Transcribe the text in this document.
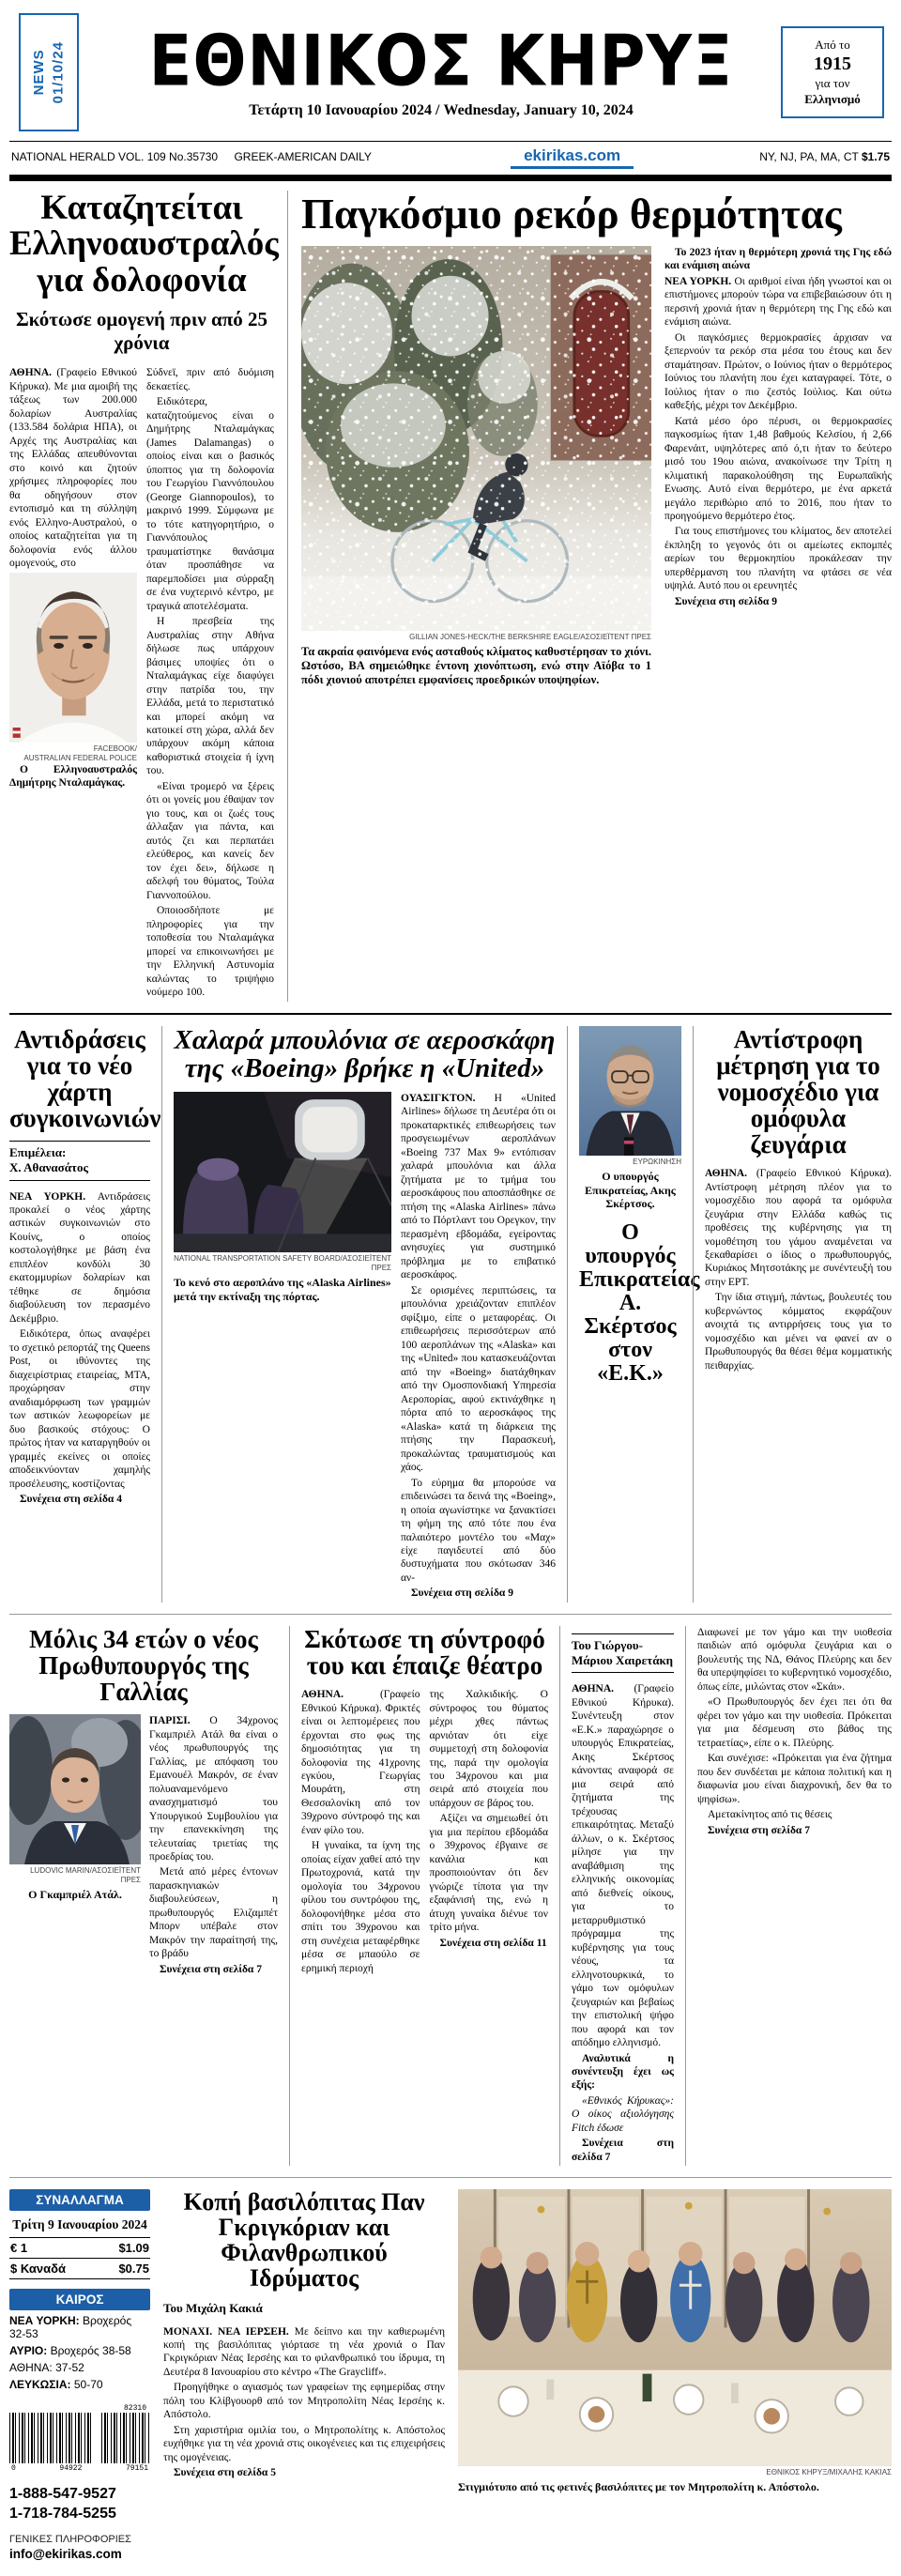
NEWS 01/10/24	ΕΘΝΙΚΟΣ ΚΗΡΥΞ
Τετάρτη 10 Ιανουαρίου 2024 / Wednesday, January 10, 2024
Από το
1915
για τον
Ελληνισμό
NATIONAL HERALD VOL. 109 No.35730 GREEK-AMERICAN DAILY	ekirikas.com	NY, NJ, PA, MA, CT $1.75
Καταζητείται Ελληνοαυστραλός για δολοφονία

Σκότωσε ομογενή πριν από 25 χρόνια

ΑΘΗΝΑ. (Γραφείο Εθνικού Κήρυκα). Με μια αμοιβή της τάξεως των 200.000 δολαρίων Αυστραλίας (133.584 δολάρια ΗΠΑ), οι Αρχές της Αυστραλίας και της Ελλάδας απευθύνονται στο κοινό και ζητούν χρήσιμες πληροφορίες που θα οδηγήσουν στον εντοπισμό και τη σύλληψη ενός Ελληνο-Αυστραλού, ο οποίος καταζητείται για τη δολοφονία ενός άλλου ομογενούς, στο

FACEBOOK/
AUSTRALIAN FEDERAL POLICE

Ο Ελληνοαυστραλός Δημήτρης Νταλαμάγκας.

Σύδνεϊ, πριν από δυόμιση δεκαετίες.

Ειδικότερα, καταζητούμενος είναι ο Δημήτρης Νταλαμάγκας (James Dalamangas) ο οποίος είναι και ο βασικός ύποπτος για τη δολοφονία του Γεωργίου Γιαννόπουλου (George Giannopoulos), το μακρινό 1999. Σύμφωνα με το τότε κατηγορητήριο, ο Γιαννόπουλος τραυματίστηκε θανάσιμα όταν προσπάθησε να παρεμποδίσει μια σύρραξη σε ένα νυχτερινό κέντρο, με τραγικά αποτελέσματα.

Η πρεσβεία της Αυστραλίας στην Αθήνα δήλωσε πως υπάρχουν βάσιμες υποψίες ότι ο Νταλαμάγκας είχε διαφύγει στην πατρίδα του, την Ελλάδα, μετά το περιστατικό και μπορεί ακόμη να κατοικεί στη χώρα, αλλά δεν υπάρχουν ακόμη κάποια καθοριστικά στοιχεία ή ίχνη του.

«Είναι τρομερό να ξέρεις ότι οι γονείς μου έθαψαν τον γιο τους, και οι ζωές τους άλλαξαν για πάντα, και αυτός ζει και περπατάει ελεύθερος, και κανείς δεν τον έχει δει», δήλωσε η αδελφή του θύματος, Τούλα Γιαννοπούλου.

Οποιοσδήποτε με πληροφορίες για την τοποθεσία του Νταλαμάγκα μπορεί να επικοινωνήσει με την Ελληνική Αστυνομία καλώντας το τριψήφιο νούμερο 100.

Παγκόσμιο ρεκόρ θερμότητας
GILLIAN JONES-HECK/THE BERKSHIRE EAGLE/ΑΣΟΣΙΕΪΤΕΝΤ ΠΡΕΣ

Τα ακραία φαινόμενα ενός ασταθούς κλίματος καθυστέρησαν το χιόνι. Ωστόσο, ΒΑ σημειώθηκε έντονη χιονόπτωση, ενώ στην Αϊόβα το 1 πόδι χιονιού αποτρέπει εμφανίσεις προεδρικών υποψηφίων.

Το 2023 ήταν η θερμότερη χρονιά της Γης εδώ και ενάμιση αιώνα

ΝΕΑ ΥΟΡΚΗ. Οι αριθμοί είναι ήδη γνωστοί και οι επιστήμονες μπορούν τώρα να επιβεβαιώσουν ότι η περσινή χρονιά ήταν η θερμότερη της Γης εδώ και ενάμιση αιώνα.

Οι παγκόσμιες θερμοκρασίες άρχισαν να ξεπερνούν τα ρεκόρ στα μέσα του έτους και δεν σταμάτησαν. Πρώτον, ο Ιούνιος ήταν ο θερμότερος Ιούνιος του πλανήτη που έχει καταγραφεί. Τότε, ο Ιούλιος ήταν ο πιο ζεστός Ιούλιος. Και ούτω καθεξής, μέχρι τον Δεκέμβριο.

Κατά μέσο όρο πέρυσι, οι θερμοκρασίες παγκοσμίως ήταν 1,48 βαθμούς Κελσίου, ή 2,66 Φαρενάιτ, υψηλότερες από ό,τι ήταν το δεύτερο μισό του 19ου αιώνα, ανακοίνωσε την Τρίτη η κλιματική παρακολούθηση της Ευρωπαϊκής Ενωσης. Αυτό είναι θερμότερο, με ένα αρκετά μεγάλο περιθώριο από το 2016, που ήταν το προηγούμενο θερμότερο έτος.

Για τους επιστήμονες του κλίματος, δεν αποτελεί έκπληξη το γεγονός ότι οι αμείωτες εκπομπές αερίων του θερμοκηπίου προκάλεσαν την υπερθέρμανση του πλανήτη να φτάσει σε νέα υψηλά. Αυτό που οι ερευνητές

Συνέχεια στη σελίδα 9

Αντιδράσεις για το νέο χάρτη συγκοινωνιών
Επιμέλεια:
Χ. Αθανασάτος

ΝΕΑ ΥΟΡΚΗ. Αντιδράσεις προκαλεί ο νέος χάρτης αστικών συγκοινωνιών στο Κουίνς, ο οποίος κοστολογήθηκε με βάση ένα επιπλέον κονδύλι 30 εκατομμυρίων δολαρίων και τέθηκε σε δημόσια διαβούλευση τον περασμένο Δεκέμβριο.

Ειδικότερα, όπως αναφέρει το σχετικό ρεπορτάζ της Queens Post, οι ιθύνοντες της διαχειρίστριας εταιρείας, ΜΤΑ, προχώρησαν στην αναδιαμόρφωση των γραμμών των αστικών λεωφορείων με δυο βασικούς στόχους: Ο πρώτος ήταν να καταργηθούν οι γραμμές εκείνες οι οποίες αποδεικνύονταν χαμηλής προσέλευσης, κοστίζοντας

Συνέχεια στη σελίδα 4

Χαλαρά μπουλόνια σε αεροσκάφη της «Boeing» βρήκε η «United»
NATIONAL TRANSPORTATION SAFETY BOARD/ΑΣΟΣΙΕΪΤΕΝΤ ΠΡΕΣ

Το κενό στο αεροπλάνο της «Alaska Airlines» μετά την εκτίναξη της πόρτας.

ΟΥΑΣΙΓΚΤΟΝ. Η «United Airlines» δήλωσε τη Δευτέρα ότι οι προκαταρκτικές επιθεωρήσεις των προσγειωμένων αεροπλάνων «Boeing 737 Max 9» εντόπισαν χαλαρά μπουλόνια και άλλα ζητήματα με το τμήμα του αεροσκάφους που αποσπάσθηκε σε πτήση της «Alaska Airlines» πάνω από το Πόρτλαντ του Ορεγκον, την περασμένη εβδομάδα, εγείροντας ανησυχίες για συστημικό πρόβλημα με το επιβατικό αεροσκάφος.

Σε ορισμένες περιπτώσεις, τα μπουλόνια χρειάζονταν επιπλέον σφίξιμο, είπε ο μεταφορέας. Οι επιθεωρήσεις περισσότερων από 100 αεροπλάνων της «Alaska» και της «United» που κατασκευάζονται από την «Boeing» διατάχθηκαν από την Ομοσπονδιακή Υπηρεσία Αεροπορίας, αφού εκτινάχθηκε η πόρτα από το αεροσκάφος της «Alaska» κατά τη διάρκεια της πτήσης την Παρασκευή, προκαλώντας τραυματισμούς και χάος.

Το εύρημα θα μπορούσε να επιδεινώσει τα δεινά της «Boeing», η οποία αγωνίστηκε να ξανακτίσει τη φήμη της από τότε που ένα παλαιότερο μοντέλο του «Μαχ» είχε παγιδευτεί από δύο δυστυχήματα που σκότωσαν 346 αν-

Συνέχεια στη σελίδα 9

ΕΥΡΩΚΙΝΗΣΗ

Ο υπουργός Επικρατείας, Ακης Σκέρτσος.

Ο υπουργός Επικρατείας Α. Σκέρτσος στον «Ε.Κ.»
Αντίστροφη μέτρηση για το νομοσχέδιο για ομόφυλα ζευγάρια

ΑΘΗΝΑ. (Γραφείο Εθνικού Κήρυκα). Αντίστροφη μέτρηση πλέον για το νομοσχέδιο που αφορά τα ομόφυλα ζευγάρια στην Ελλάδα καθώς τις προθέσεις της κυβέρνησης για τη νομοθέτηση του γάμου αναμένεται να ξεκαθαρίσει ο ίδιος ο πρωθυπουργός, Κυριάκος Μητσοτάκης με συνέντευξή του στην ΕΡΤ.

Την ίδια στιγμή, πάντως, βουλευτές του κυβερνώντος κόμματος εκφράζουν ανοιχτά τις αντιρρήσεις τους για το νομοσχέδιο και μένει να φανεί αν ο Πρωθυπουργός θα θέσει θέμα κομματικής πειθαρχίας.

Μόλις 34 ετών ο νέος Πρωθυπουργός της Γαλλίας
LUDOVIC MARIN/ΑΣΟΣΙΕΪΤΕΝΤ ΠΡΕΣ

Ο Γκαμπριέλ Ατάλ.

ΠΑΡΙΣΙ. Ο 34χρονος Γκαμπριέλ Ατάλ θα είναι ο νέος πρωθυπουργός της Γαλλίας, με απόφαση του Εμανουέλ Μακρόν, σε έναν πολυαναμενόμενο ανασχηματισμό του Υπουργικού Συμβουλίου για την επανεκκίνηση της τελευταίας τριετίας της προεδρίας του.

Μετά από μέρες έντονων παρασκηνιακών διαβουλεύσεων, η πρωθυπουργός Ελιζαμπέτ Μπορν υπέβαλε στον Μακρόν την παραίτησή της, το βράδυ

Συνέχεια στη σελίδα 7

Σκότωσε τη σύντροφό του και έπαιζε θέατρο

ΑΘΗΝΑ.	(Γραφείο Εθνικού Κήρυκα). Φρικτές είναι οι λεπτομέρειες που έρχονται στο φως της δημοσιότητας για τη δολοφονία της 41χρονης εγκύου, Γεωργίας Μουράτη, στη Θεσσαλονίκη από τον 39χρονο σύντροφό της και έναν φίλο του.

Η γυναίκα, τα ίχνη της οποίας είχαν χαθεί από την Πρωτοχρονιά, κατά την ομολογία του 34χρονου φίλου του συντρόφου της, δολοφονήθηκε μέσα στο σπίτι του 39χρονου και στη συνέχεια μεταφέρθηκε μέσα σε μπαούλο σε ερημική περιοχή

της Χαλκιδικής. Ο σύντροφος του θύματος μέχρι χθες πάντως αρνιόταν ότι είχε συμμετοχή στη δολοφονία της, παρά την ομολογία του 34χρονου και μια σειρά από στοιχεία που υπάρχουν σε βάρος του.

Αξίζει να σημειωθεί ότι για μια περίπου εβδομάδα ο 39χρονος έβγαινε σε κανάλια και προσποιούνταν ότι δεν γνώριζε τίποτα για την εξαφάνισή της, ενώ η άτυχη γυναίκα διένυε τον τρίτο μήνα.

Συνέχεια στη σελίδα 11

Του Γιώργου-Μάριου Χαιρετάκη

ΑΘΗΝΑ. (Γραφείο Εθνικού Κήρυκα). Συνέντευξη στον «Ε.Κ.» παραχώρησε ο υπουργός Επικρατείας, Ακης Σκέρτσος κάνοντας αναφορά σε μια σειρά από ζητήματα της τρέχουσας επικαιρότητας. Μεταξύ άλλων, ο κ. Σκέρτσος μίλησε για την αναβάθμιση της ελληνικής οικονομίας από διεθνείς οίκους, για το μεταρρυθμιστικό πρόγραμμα της κυβέρνησης για τους νέους, τα ελληνοτουρκικά, το γάμο των ομόφυλων ζευγαριών και βεβαίως την επιστολική ψήφο που αφορά και τον απόδημο ελληνισμό.

Αναλυτικά η συνέντευξη έχει ως εξής:

«Εθνικός Κήρυκας»: Ο οίκος αξιολόγησης Fitch έδωσε

Συνέχεια στη σελίδα 7

Διαφωνεί με τον γάμο και την υιοθεσία παιδιών από ομόφυλα ζευγάρια και ο βουλευτής της ΝΔ, Θάνος Πλεύρης και δεν θα υπερψηφίσει το κυβερνητικό νομοσχέδιο, όπως είπε, μιλώντας στον «Σκάι».

«Ο Πρωθυπουργός δεν έχει πει ότι θα φέρει τον γάμο και την υιοθεσία. Πρόκειται για μια δέσμευση στο βάθος της τετραετίας», είπε ο κ. Πλεύρης.

Και συνέχισε: «Πρόκειται για ένα ζήτημα που δεν συνδέεται με κάποια πολιτική και η διαφωνία μου είναι διαχρονική, δεν θα το ψηφίσω».

Αμετακίνητος από τις θέσεις

Συνέχεια στη σελίδα 7

ΣΥΝΑΛΛΑΓΜΑ
Τρίτη 9 Ιανουαρίου 2024
€ 1	$1.09
$ Καναδά	$0.75
ΚΑΙΡΟΣ
ΝΕΑ ΥΟΡΚΗ: Βροχερός 32-53
ΑΥΡΙΟ: Βροχερός 38-58
ΑΘΗΝΑ: 37-52
ΛΕΥΚΩΣΙΑ: 50-70
82310
0	94922	79151
1-888-547-9527
1-718-784-5255
ΓΕΝΙΚΕΣ ΠΛΗΡΟΦΟΡΙΕΣ
info@ekirikas.com
Κοπή βασιλόπιτας Παν Γκριγκόριαν και Φιλανθρωπικού Ιδρύματος
Του Μιχάλη Κακιά

ΜΟΝΑΧΙ. ΝΕΑ ΙΕΡΣΕΗ. Με δείπνο και την καθιερωμένη κοπή της βασιλόπιτας γιόρτασε τη νέα χρονιά ο Παν Γκριγκόριαν Νέας Ιερσέης και το φιλανθρωπικό του ίδρυμα, τη Δευτέρα 8 Ιανουαρίου στο κέντρο «The Graycliff».

Προηγήθηκε ο αγιασμός των γραφείων της εφημερίδας στην πόλη του Κλίβγουορθ από τον Μητροπολίτη Νέας Ιερσέης κ. Απόστολο.

Στη χαριστήρια ομιλία του, ο Μητροπολίτης κ. Απόστολος ευχήθηκε για τη νέα χρονιά στις οικογένειες και τις επιχειρήσεις της ομογένειας.

Συνέχεια στη σελίδα 5	ΕΘΝΙΚΟΣ ΚΗΡΥΞ/ΜΙΧΑΛΗΣ ΚΑΚΙΑΣ

Στιγμιότυπο από τις φετινές βασιλόπιτες με τον Μητροπολίτη κ. Απόστολο.
